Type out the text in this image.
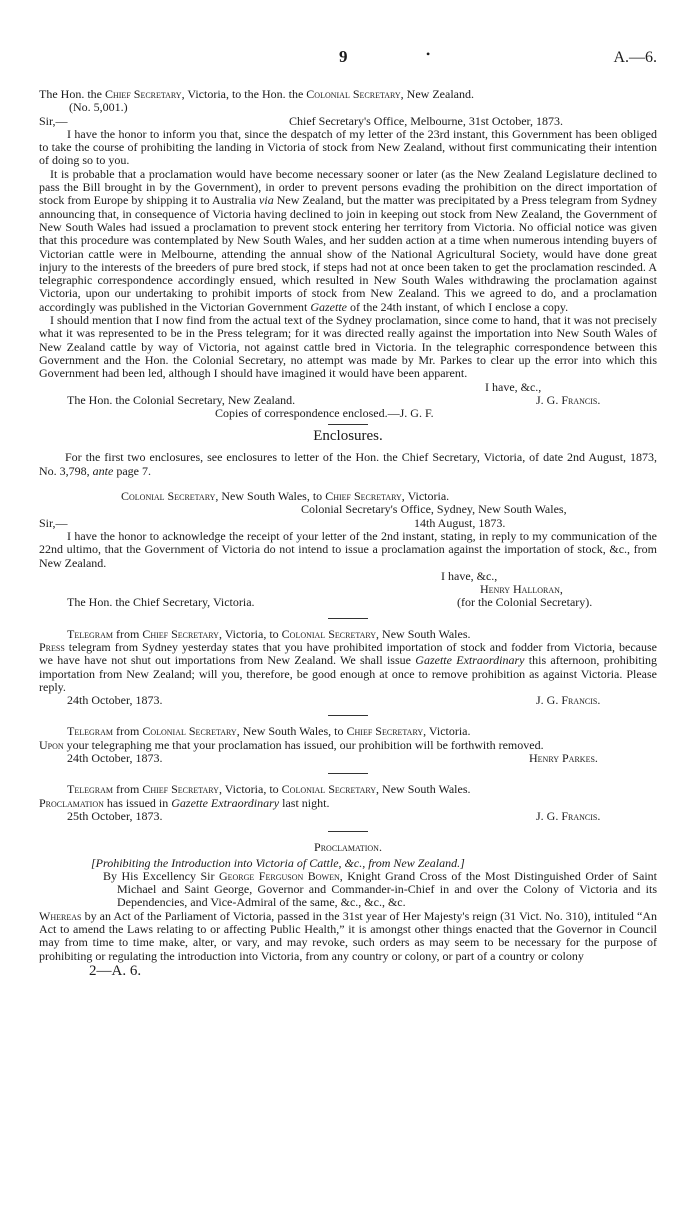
9	•	A.—6.

The Hon. the Chief Secretary, Victoria, to the Hon. the Colonial Secretary, New Zealand.

(No. 5,001.)

Sir,—	Chief Secretary's Office, Melbourne, 31st October, 1873.

I have the honor to inform you that, since the despatch of my letter of the 23rd instant, this Government has been obliged to take the course of prohibiting the landing in Victoria of stock from New Zealand, without first communicating their intention of doing so to you.

It is probable that a proclamation would have become necessary sooner or later (as the New Zealand Legislature declined to pass the Bill brought in by the Government), in order to prevent persons evading the prohibition on the direct importation of stock from Europe by shipping it to Australia via New Zealand, but the matter was precipitated by a Press telegram from Sydney announcing that, in consequence of Victoria having declined to join in keeping out stock from New Zealand, the Government of New South Wales had issued a proclamation to prevent stock entering her territory from Victoria. No official notice was given that this procedure was contemplated by New South Wales, and her sudden action at a time when numerous intending buyers of Victorian cattle were in Melbourne, attending the annual show of the National Agricultural Society, would have done great injury to the interests of the breeders of pure bred stock, if steps had not at once been taken to get the proclamation rescinded. A telegraphic correspondence accordingly ensued, which resulted in New South Wales withdrawing the proclamation against Victoria, upon our undertaking to prohibit imports of stock from New Zealand. This we agreed to do, and a proclamation accordingly was published in the Victorian Government Gazette of the 24th instant, of which I enclose a copy.

I should mention that I now find from the actual text of the Sydney proclamation, since come to hand, that it was not precisely what it was represented to be in the Press telegram; for it was directed really against the importation into New South Wales of New Zealand cattle by way of Victoria, not against cattle bred in Victoria. In the telegraphic correspondence between this Government and the Hon. the Colonial Secretary, no attempt was made by Mr. Parkes to clear up the error into which this Government had been led, although I should have imagined it would have been apparent.

I have, &c.,
The Hon. the Colonial Secretary, New Zealand.	J. G. Francis.
Copies of correspondence enclosed.—J. G. F.
Enclosures.

For the first two enclosures, see enclosures to letter of the Hon. the Chief Secretary, Victoria, of date 2nd August, 1873, No. 3,798, ante page 7.

Colonial Secretary, New South Wales, to Chief Secretary, Victoria.

Colonial Secretary's Office, Sydney, New South Wales,
Sir,—	14th August, 1873.

I have the honor to acknowledge the receipt of your letter of the 2nd instant, stating, in reply to my communication of the 22nd ultimo, that the Government of Victoria do not intend to issue a proclamation against the importation of stock, &c., from New Zealand.

I have, &c.,
Henry Halloran,
The Hon. the Chief Secretary, Victoria.	(for the Colonial Secretary).

Telegram from Chief Secretary, Victoria, to Colonial Secretary, New South Wales.

Press telegram from Sydney yesterday states that you have prohibited importation of stock and fodder from Victoria, because we have have not shut out importations from New Zealand. We shall issue Gazette Extraordinary this afternoon, prohibiting importation from New Zealand; will you, therefore, be good enough at once to remove prohibition as against Victoria. Please reply.

24th October, 1873.	J. G. Francis.

Telegram from Colonial Secretary, New South Wales, to Chief Secretary, Victoria.

Upon your telegraphing me that your proclamation has issued, our prohibition will be forthwith removed.

24th October, 1873.	Henry Parkes.

Telegram from Chief Secretary, Victoria, to Colonial Secretary, New South Wales.

Proclamation has issued in Gazette Extraordinary last night.

25th October, 1873.	J. G. Francis.
Proclamation.

[Prohibiting the Introduction into Victoria of Cattle, &c., from New Zealand.]

By His Excellency Sir George Ferguson Bowen, Knight Grand Cross of the Most Distinguished Order of Saint Michael and Saint George, Governor and Commander-in-Chief in and over the Colony of Victoria and its Dependencies, and Vice-Admiral of the same, &c., &c., &c.

Whereas by an Act of the Parliament of Victoria, passed in the 31st year of Her Majesty's reign (31 Vict. No. 310), intituled “An Act to amend the Laws relating to or affecting Public Health,” it is amongst other things enacted that the Governor in Council may from time to time make, alter, or vary, and may revoke, such orders as may seem to be necessary for the purpose of prohibiting or regulating the introduction into Victoria, from any country or colony, or part of a country or colony

2—A. 6.
